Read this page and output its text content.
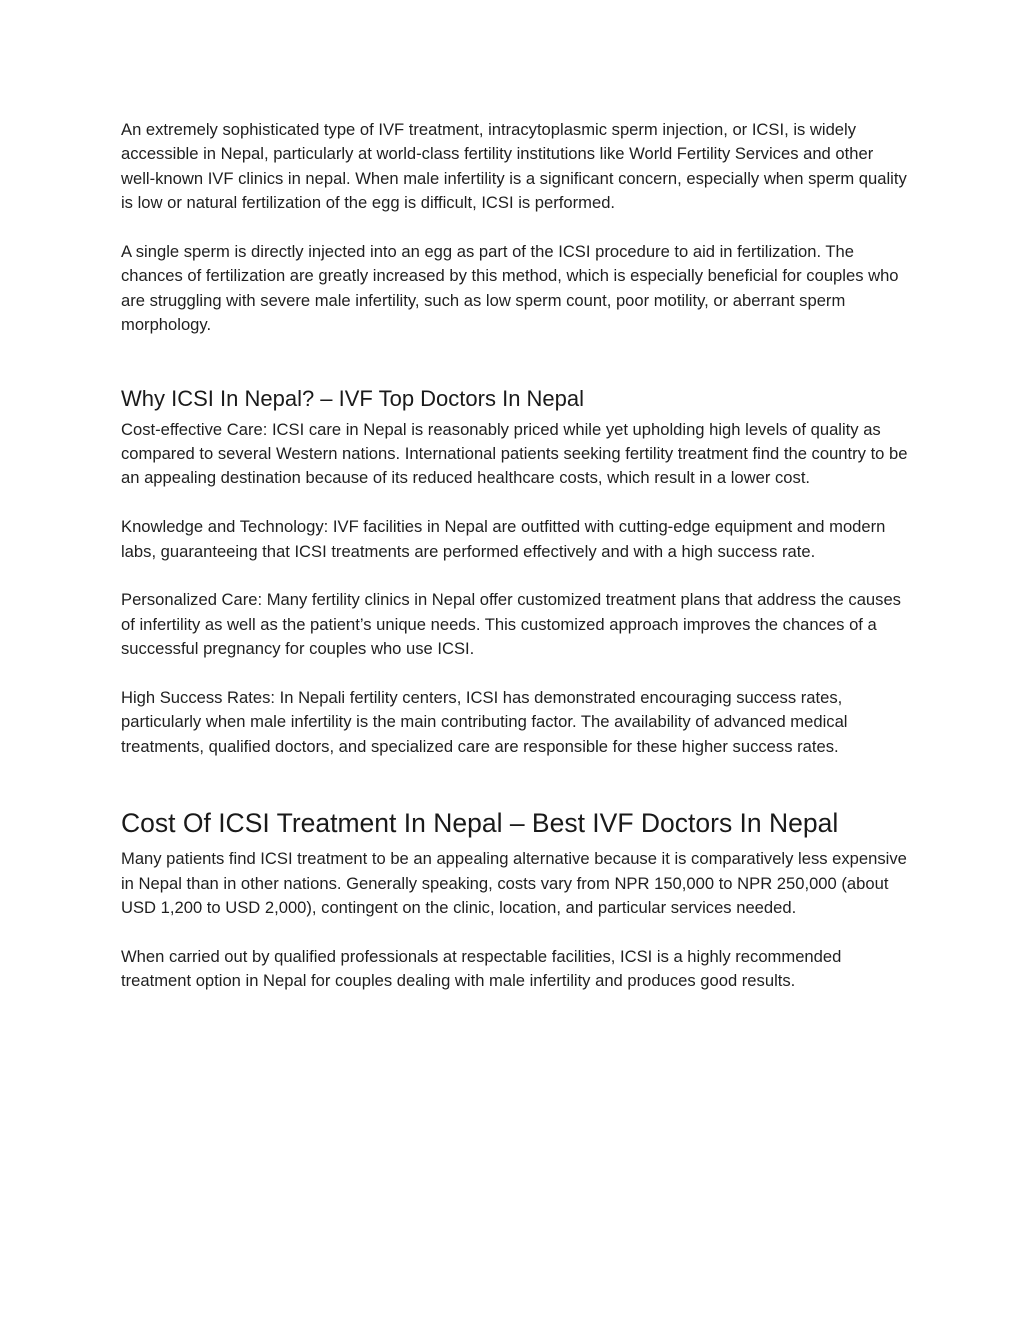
An extremely sophisticated type of IVF treatment, intracytoplasmic sperm injection, or ICSI, is widely accessible in Nepal, particularly at world-class fertility institutions like World Fertility Services and other well-known IVF clinics in nepal. When male infertility is a significant concern, especially when sperm quality is low or natural fertilization of the egg is difficult, ICSI is performed.

A single sperm is directly injected into an egg as part of the ICSI procedure to aid in fertilization. The chances of fertilization are greatly increased by this method, which is especially beneficial for couples who are struggling with severe male infertility, such as low sperm count, poor motility, or aberrant sperm morphology.

Why ICSI In Nepal? – IVF Top Doctors In Nepal

Cost-effective Care: ICSI care in Nepal is reasonably priced while yet upholding high levels of quality as compared to several Western nations. International patients seeking fertility treatment find the country to be an appealing destination because of its reduced healthcare costs, which result in a lower cost.

Knowledge and Technology: IVF facilities in Nepal are outfitted with cutting-edge equipment and modern labs, guaranteeing that ICSI treatments are performed effectively and with a high success rate.

Personalized Care: Many fertility clinics in Nepal offer customized treatment plans that address the causes of infertility as well as the patient’s unique needs. This customized approach improves the chances of a successful pregnancy for couples who use ICSI.

High Success Rates: In Nepali fertility centers, ICSI has demonstrated encouraging success rates, particularly when male infertility is the main contributing factor. The availability of advanced medical treatments, qualified doctors, and specialized care are responsible for these higher success rates.

Cost Of ICSI Treatment In Nepal – Best IVF Doctors In Nepal

Many patients find ICSI treatment to be an appealing alternative because it is comparatively less expensive in Nepal than in other nations. Generally speaking, costs vary from NPR 150,000 to NPR 250,000 (about USD 1,200 to USD 2,000), contingent on the clinic, location, and particular services needed.

When carried out by qualified professionals at respectable facilities, ICSI is a highly recommended treatment option in Nepal for couples dealing with male infertility and produces good results.
